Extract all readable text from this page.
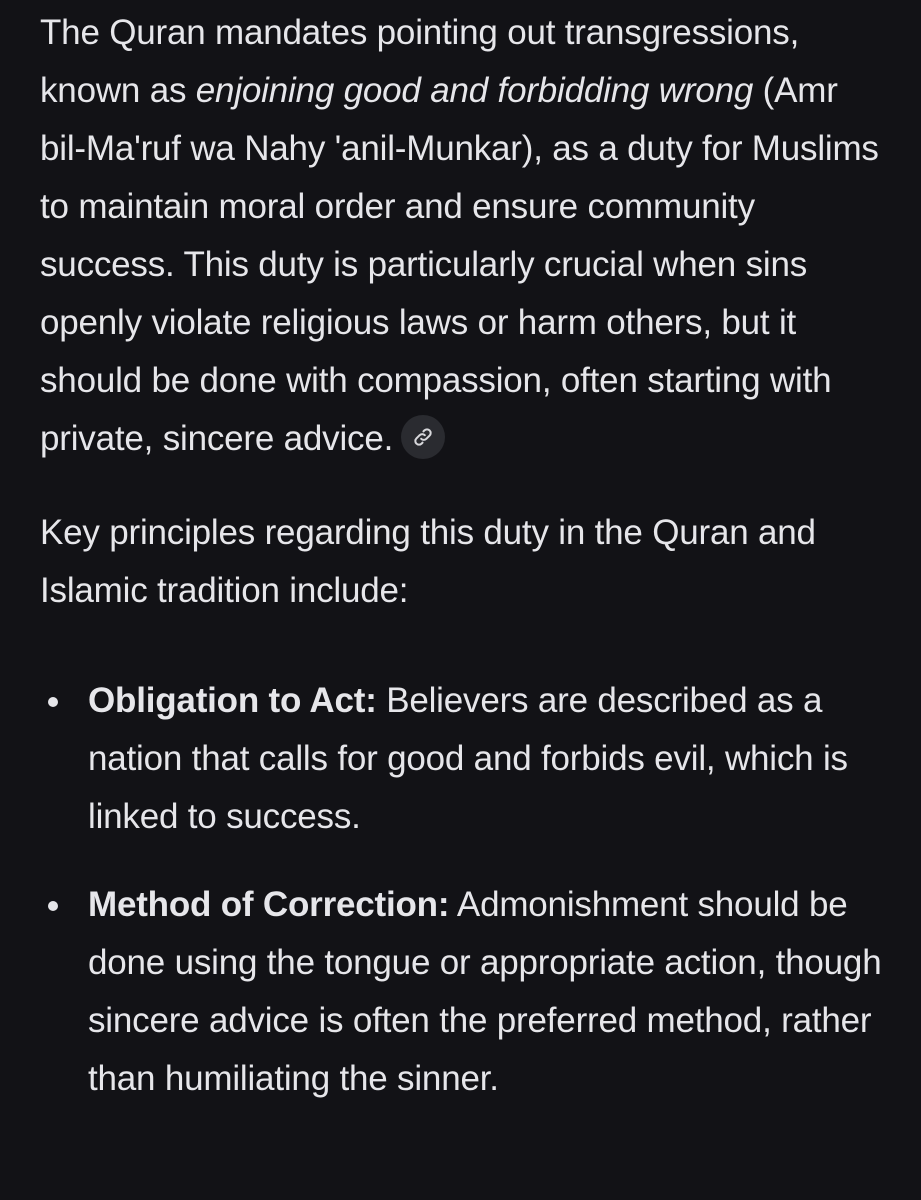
The Quran mandates pointing out transgressions, known as enjoining good and forbidding wrong (Amr bil-Ma'ruf wa Nahy 'anil-Munkar), as a duty for Muslims to maintain moral order and ensure community success. This duty is particularly crucial when sins openly violate religious laws or harm others, but it should be done with compassion, often starting with private, sincere advice.

Key principles regarding this duty in the Quran and Islamic tradition include:

Obligation to Act: Believers are described as a nation that calls for good and forbids evil, which is linked to success.
Method of Correction: Admonishment should be done using the tongue or appropriate action, though sincere advice is often the preferred method, rather than humiliating the sinner.
